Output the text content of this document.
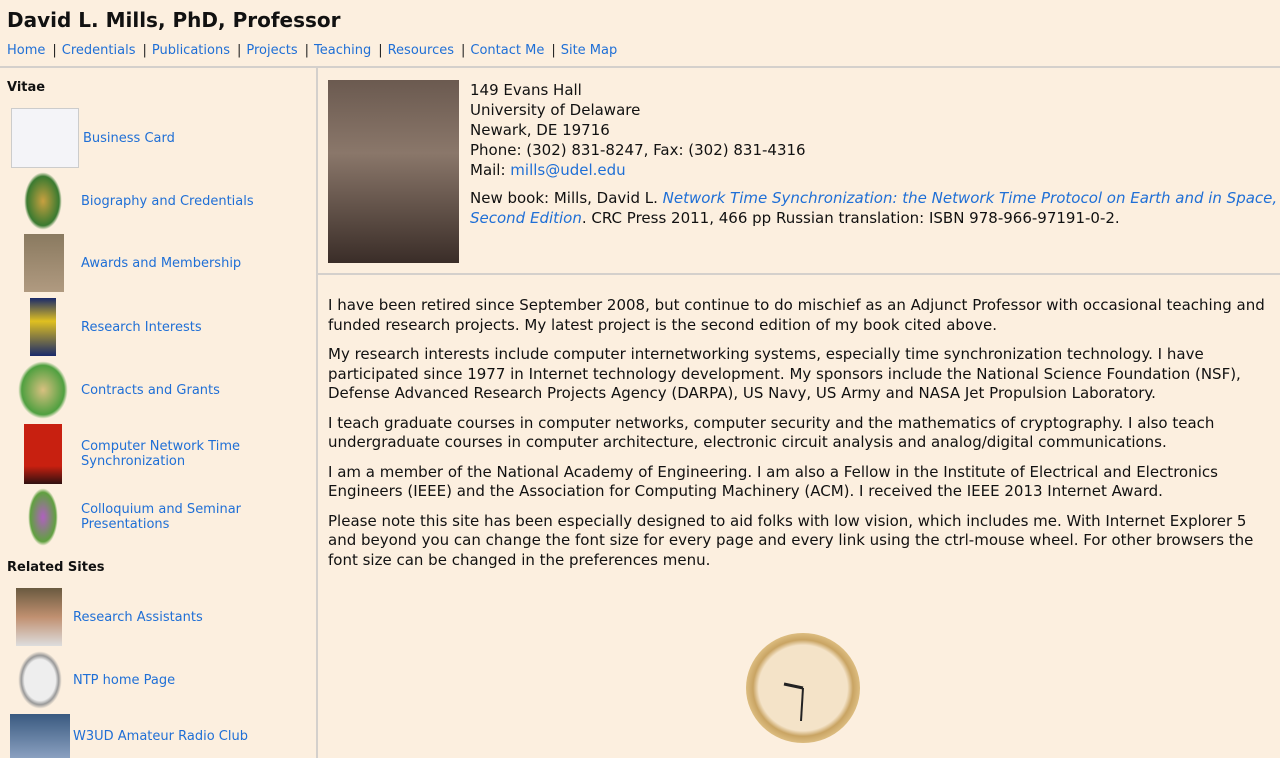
David L. Mills, PhD, Professor
Home | Credentials | Publications | Projects | Teaching | Resources | Contact Me | Site Map
Vitae
Business Card
Biography and Credentials
Awards and Membership
Research Interests
Contracts and Grants
Computer Network Time Synchronization
Colloquium and Seminar Presentations
Related Sites
Research Assistants
NTP home Page
W3UD Amateur Radio Club
149 Evans Hall
University of Delaware
Newark, DE 19716
Phone: (302) 831-8247, Fax: (302) 831-4316
Mail: mills@udel.edu
New book: Mills, David L. Network Time Synchronization: the Network Time Protocol on Earth and in Space, Second Edition. CRC Press 2011, 466 pp Russian translation: ISBN 978-966-97191-0-2.

I have been retired since September 2008, but continue to do mischief as an Adjunct Professor with occasional teaching and funded research projects. My latest project is the second edition of my book cited above.

My research interests include computer internetworking systems, especially time synchronization technology. I have participated since 1977 in Internet technology development. My sponsors include the National Science Foundation (NSF), Defense Advanced Research Projects Agency (DARPA), US Navy, US Army and NASA Jet Propulsion Laboratory.

I teach graduate courses in computer networks, computer security and the mathematics of cryptography. I also teach undergraduate courses in computer architecture, electronic circuit analysis and analog/digital communications.

I am a member of the National Academy of Engineering. I am also a Fellow in the Institute of Electrical and Electronics Engineers (IEEE) and the Association for Computing Machinery (ACM). I received the IEEE 2013 Internet Award.

Please note this site has been especially designed to aid folks with low vision, which includes me. With Internet Explorer 5 and beyond you can change the font size for every page and every link using the ctrl-mouse wheel. For other browsers the font size can be changed in the preferences menu.
